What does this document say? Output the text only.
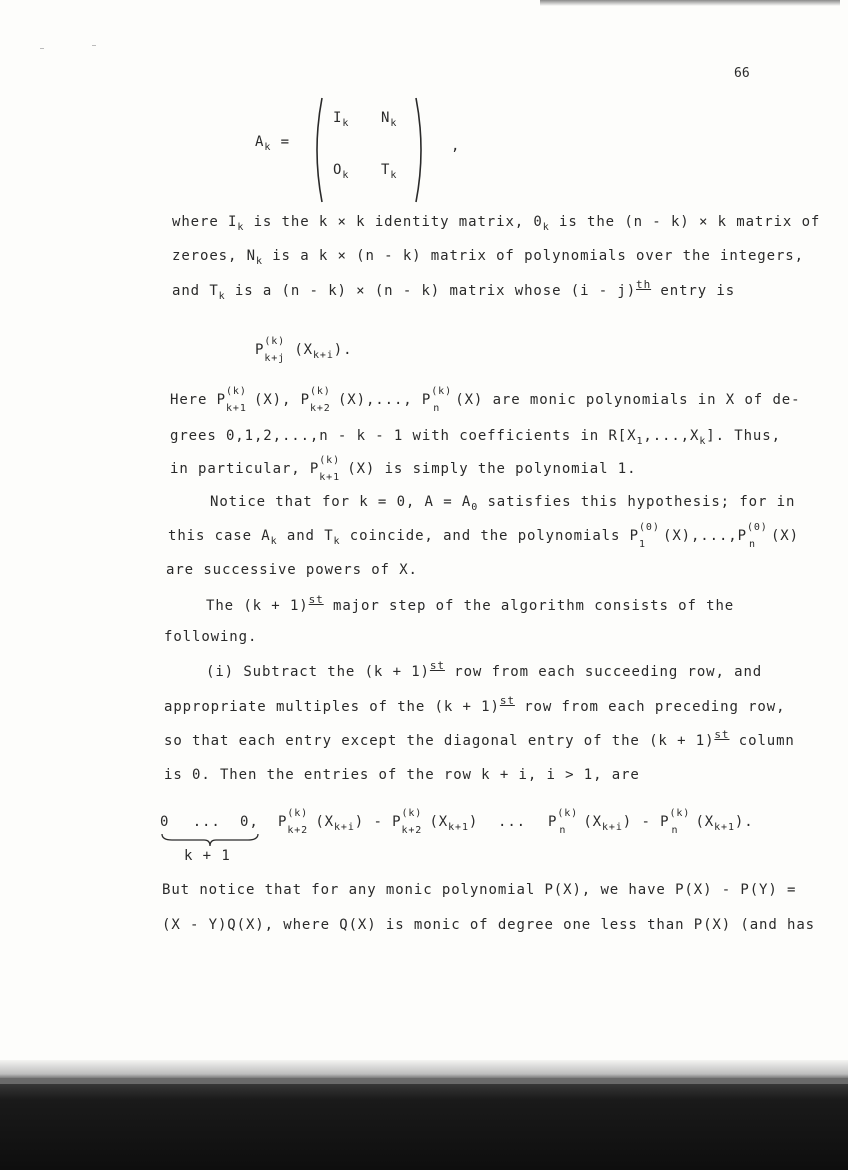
66
$A_k$ =
$I_k$ $N_k$
$O_k$ $T_k$
,
where $I_k$ is the k × k identity matrix, $0_k$ is the (n - k) × k matrix of
zeroes, $N_k$ is a k × (n - k) matrix of polynomials over the integers,
and $T_k$ is a (n - k) × (n - k) matrix whose (i - j)$^{th}$ entry is
P
(k)
k+j
$(X_{k+i})$.
Here P
(k)
k+1
(X), P
(k)
k+2
(X),..., P
(k)
n
(X) are monic polynomials in X of de-
grees 0,1,2,...,n - k - 1 with coefficients in $R[X_1,...,X_k]$. Thus,
in particular, P
(k)
k+1
(X) is simply the polynomial 1.
Notice that for k = 0, $A = A_0$ satisfies this hypothesis; for in
this case $A_k$ and $T_k$ coincide, and the polynomials P
(0)
1
(X),...,P
(0)
n
(X)
are successive powers of X.
The $(k + 1)^{st}$ major step of the algorithm consists of the
following.
(i) Subtract the $(k + 1)^{st}$ row from each succeeding row, and
appropriate multiples of the $(k + 1)^{st}$ row from each preceding row,
so that each entry except the diagonal entry of the $(k + 1)^{st}$ column
is 0. Then the entries of the row k + i, i > 1, are
0 ... 0,
k + 1
P
(k)
k+2
$(X_{k+i})$ - P
(k)
k+2
$(X_{k+1})$ ... P
(k)
n
$(X_{k+i})$ - P
(k)
n
$(X_{k+1})$.
But notice that for any monic polynomial P(X), we have P(X) - P(Y) =
(X - Y)Q(X), where Q(X) is monic of degree one less than P(X) (and has
